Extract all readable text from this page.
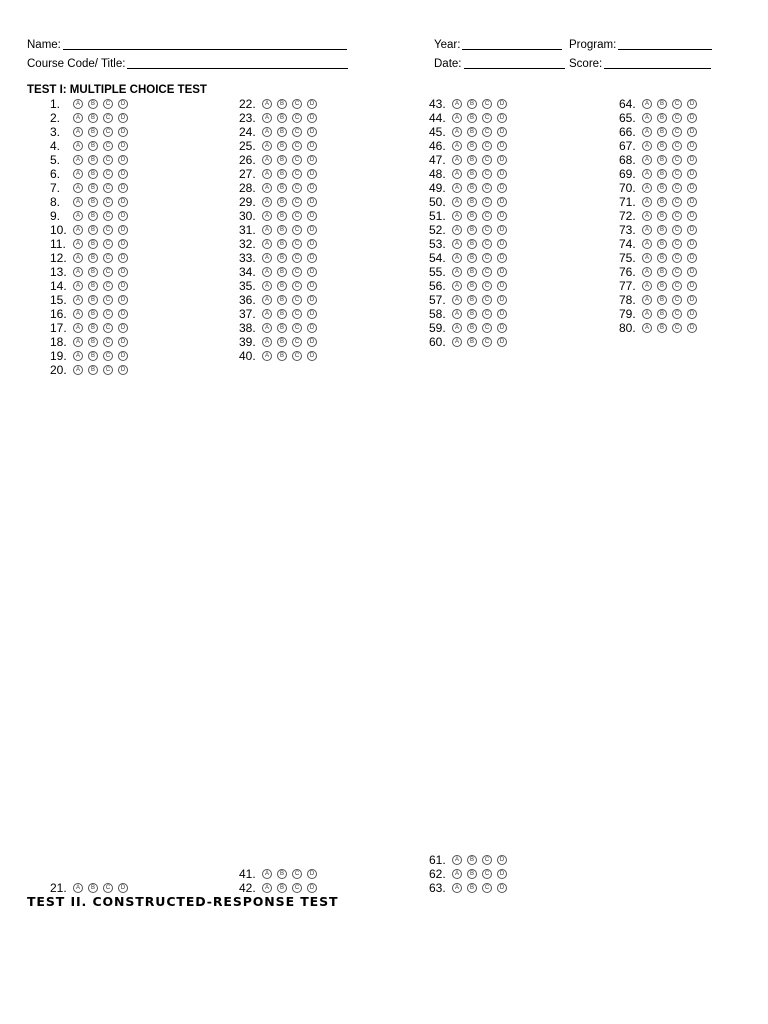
Name:
Course Code/ Title:
Year:	Program:
Date:	Score:
TEST I: MULTIPLE CHOICE TEST
1.	A	B	C	D
2.	A	B	C	D
3.	A	B	C	D
4.	A	B	C	D
5.	A	B	C	D
6.	A	B	C	D
7.	A	B	C	D
8.	A	B	C	D
9.	A	B	C	D
10.	A	B	C	D
11.	A	B	C	D
12.	A	B	C	D
13.	A	B	C	D
14.	A	B	C	D
15.	A	B	C	D
16.	A	B	C	D
17.	A	B	C	D
18.	A	B	C	D
19.	A	B	C	D
20.	A	B	C	D
22.	A	B	C	D
23.	A	B	C	D
24.	A	B	C	D
25.	A	B	C	D
26.	A	B	C	D
27.	A	B	C	D
28.	A	B	C	D
29.	A	B	C	D
30.	A	B	C	D
31.	A	B	C	D
32.	A	B	C	D
33.	A	B	C	D
34.	A	B	C	D
35.	A	B	C	D
36.	A	B	C	D
37.	A	B	C	D
38.	A	B	C	D
39.	A	B	C	D
40.	A	B	C	D
43.	A	B	C	D
44.	A	B	C	D
45.	A	B	C	D
46.	A	B	C	D
47.	A	B	C	D
48.	A	B	C	D
49.	A	B	C	D
50.	A	B	C	D
51.	A	B	C	D
52.	A	B	C	D
53.	A	B	C	D
54.	A	B	C	D
55.	A	B	C	D
56.	A	B	C	D
57.	A	B	C	D
58.	A	B	C	D
59.	A	B	C	D
60.	A	B	C	D
64.	A	B	C	D
65.	A	B	C	D
66.	A	B	C	D
67.	A	B	C	D
68.	A	B	C	D
69.	A	B	C	D
70.	A	B	C	D
71.	A	B	C	D
72.	A	B	C	D
73.	A	B	C	D
74.	A	B	C	D
75.	A	B	C	D
76.	A	B	C	D
77.	A	B	C	D
78.	A	B	C	D
79.	A	B	C	D
80.	A	B	C	D
21.	A	B	C	D
41.	A	B	C	D
42.	A	B	C	D
61.	A	B	C	D
62.	A	B	C	D
63.	A	B	C	D
TEST II. CONSTRUCTED-RESPONSE TEST
